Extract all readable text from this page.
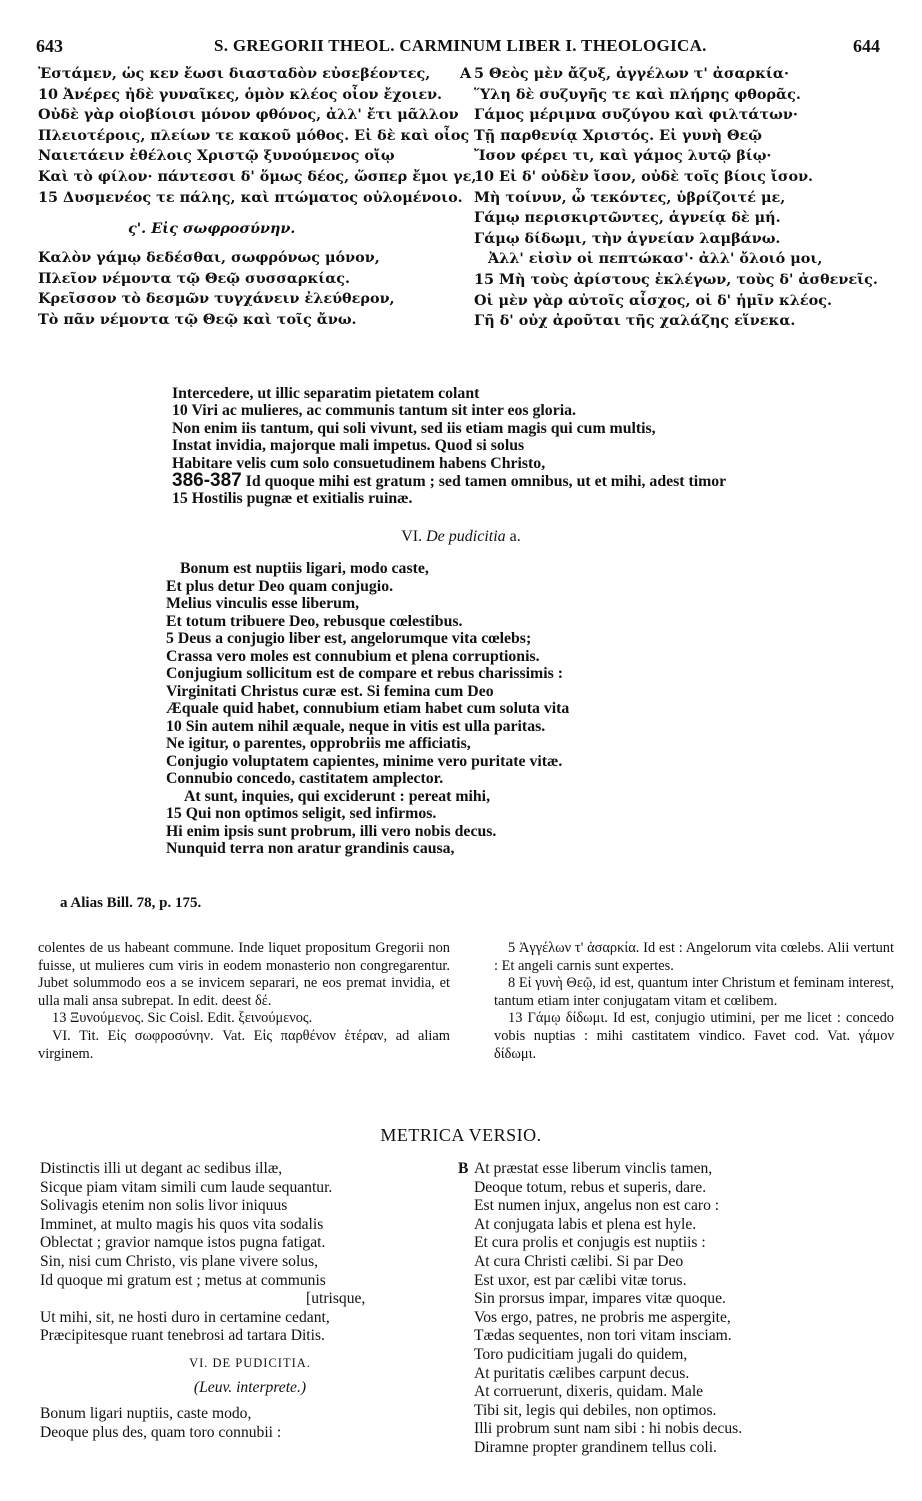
643	S. GREGORII THEOL. CARMINUM LIBER I. THEOLOGICA.	644
Ἐστάμεν, ὡς κεν ἔωσι διασταδὸν εὐσεβέοντες,
10 Ἀνέρες ἠδὲ γυναῖκες, ὁμὸν κλέος οἶον ἔχοιεν.
Οὐδὲ γὰρ οἰοβίοισι μόνον φθόνος, ἀλλ' ἔτι μᾶλλον
Πλειοτέροις, πλείων τε κακοῦ μόθος. Εἰ δὲ καὶ οἶος
Ναιετάειν ἐθέλοις Χριστῷ ξυνούμενος οἴῳ
Καὶ τὸ φίλον· πάντεσσι δ' ὅμως δέος, ὥσπερ ἔμοι γε,
15 Δυσμενέος τε πάλης, καὶ πτώματος οὐλομένοιο.
ς'. Εἰς σωφροσύνην.
Καλὸν γάμῳ δεδέσθαι, σωφρόνως μόνον,
Πλεῖον νέμοντα τῷ Θεῷ συσσαρκίας.
Κρεῖσσον τὸ δεσμῶν τυγχάνειν ἐλεύθερον,
Τὸ πᾶν νέμοντα τῷ Θεῷ καὶ τοῖς ἄνω.
A 5 Θεὸς μὲν ἄζυξ, ἀγγέλων τ' ἀσαρκία·
Ὕλη δὲ συζυγῆς τε καὶ πλήρης φθορᾶς.
Γάμος μέριμνα συζύγου καὶ φιλτάτων·
Τῇ παρθενίᾳ Χριστός. Εἰ γυνὴ Θεῷ
Ἴσον φέρει τι, καὶ γάμος λυτῷ βίῳ·
10 Εἰ δ' οὐδὲν ἴσον, οὐδὲ τοῖς βίοις ἴσον.
Μὴ τοίνυν, ὦ τεκόντες, ὑβρίζοιτέ με,
Γάμῳ περισκιρτῶντες, ἁγνείᾳ δὲ μή.
Γάμῳ δίδωμι, τὴν ἁγνείαν λαμβάνω.
Ἀλλ' εἰσὶν οἱ πεπτώκασ'· ἀλλ' ὄλοιό μοι,
15 Μὴ τοὺς ἀρίστους ἐκλέγων, τοὺς δ' ἀσθενεῖς.
Οἱ μὲν γὰρ αὐτοῖς αἶσχος, οἱ δ' ἡμῖν κλέος.
Γῆ δ' οὐχ ἀροῦται τῆς χαλάζης εἵνεκα.
Intercedere, ut illic separatim pietatem colant
10 Viri ac mulieres, ac communis tantum sit inter eos gloria.
Non enim iis tantum, qui soli vivunt, sed iis etiam magis qui cum multis,
Instat invidia, majorque mali impetus. Quod si solus
Habitare velis cum solo consuetudinem habens Christo,
386-387 Id quoque mihi est gratum ; sed tamen omnibus, ut et mihi, adest timor
15 Hostilis pugnæ et exitialis ruinæ.
VI. De pudicitia a.
Bonum est nuptiis ligari, modo caste,
Et plus detur Deo quam conjugio.
Melius vinculis esse liberum,
Et totum tribuere Deo, rebusque cœlestibus.
5 Deus a conjugio liber est, angelorumque vita cœlebs;
Crassa vero moles est connubium et plena corruptionis.
Conjugium sollicitum est de compare et rebus charissimis :
Virginitati Christus curæ est. Si femina cum Deo
Æquale quid habet, connubium etiam habet cum soluta vita
10 Sin autem nihil æquale, neque in vitis est ulla paritas.
Ne igitur, o parentes, opprobriis me afficiatis,
Conjugio voluptatem capientes, minime vero puritate vitæ.
Connubio concedo, castitatem amplector.
At sunt, inquies, qui exciderunt : pereat mihi,
15 Qui non optimos seligit, sed infirmos.
Hi enim ipsis sunt probrum, illi vero nobis decus.
Nunquid terra non aratur grandinis causa,
a Alias Bill. 78, p. 175.

colentes de us habeant commune. Inde liquet propositum Gregorii non fuisse, ut mulieres cum viris in eodem monasterio non congregarentur. Jubet solummodo eos a se invicem separari, ne eos premat invidia, et ulla mali ansa subrepat. In edit. deest δέ.

13 Ξυνούμενος. Sic Coisl. Edit. ξεινούμενος.

VI. Tit. Εἰς σωφροσύνην. Vat. Εἰς παρθένον ἑτέραν, ad aliam virginem.

5 Ἀγγέλων τ' ἀσαρκία. Id est : Angelorum vita cœlebs. Alii vertunt : Et angeli carnis sunt expertes.

8 Εἰ γυνὴ Θεῷ, id est, quantum inter Christum et feminam interest, tantum etiam inter conjugatam vitam et cœlibem.

13 Γάμῳ δίδωμι. Id est, conjugio utimini, per me licet : concedo vobis nuptias : mihi castitatem vindico. Favet cod. Vat. γάμον δίδωμι.

METRICA VERSIO.
Distinctis illi ut degant ac sedibus illæ,
Sicque piam vitam simili cum laude sequantur.
Solivagis etenim non solis livor iniquus
Imminet, at multo magis his quos vita sodalis
Oblectat ; gravior namque istos pugna fatigat.
Sin, nisi cum Christo, vis plane vivere solus,
Id quoque mi gratum est ; metus at communis
[utrisque,
Ut mihi, sit, ne hosti duro in certamine cedant,
Præcipitesque ruant tenebrosi ad tartara Ditis.
VI. DE PUDICITIA.
(Leuv. interprete.)
Bonum ligari nuptiis, caste modo,
Deoque plus des, quam toro connubii :
B At præstat esse liberum vinclis tamen,
Deoque totum, rebus et superis, dare.
Est numen injux, angelus non est caro :
At conjugata labis et plena est hyle.
Et cura prolis et conjugis est nuptiis :
At cura Christi cælibi. Si par Deo
Est uxor, est par cælibi vitæ torus.
Sin prorsus impar, impares vitæ quoque.
Vos ergo, patres, ne probris me aspergite,
Tædas sequentes, non tori vitam insciam.
Toro pudicitiam jugali do quidem,
At puritatis cælibes carpunt decus.
At corruerunt, dixeris, quidam. Male
Tibi sit, legis qui debiles, non optimos.
Illi probrum sunt nam sibi : hi nobis decus.
Diramne propter grandinem tellus coli.
